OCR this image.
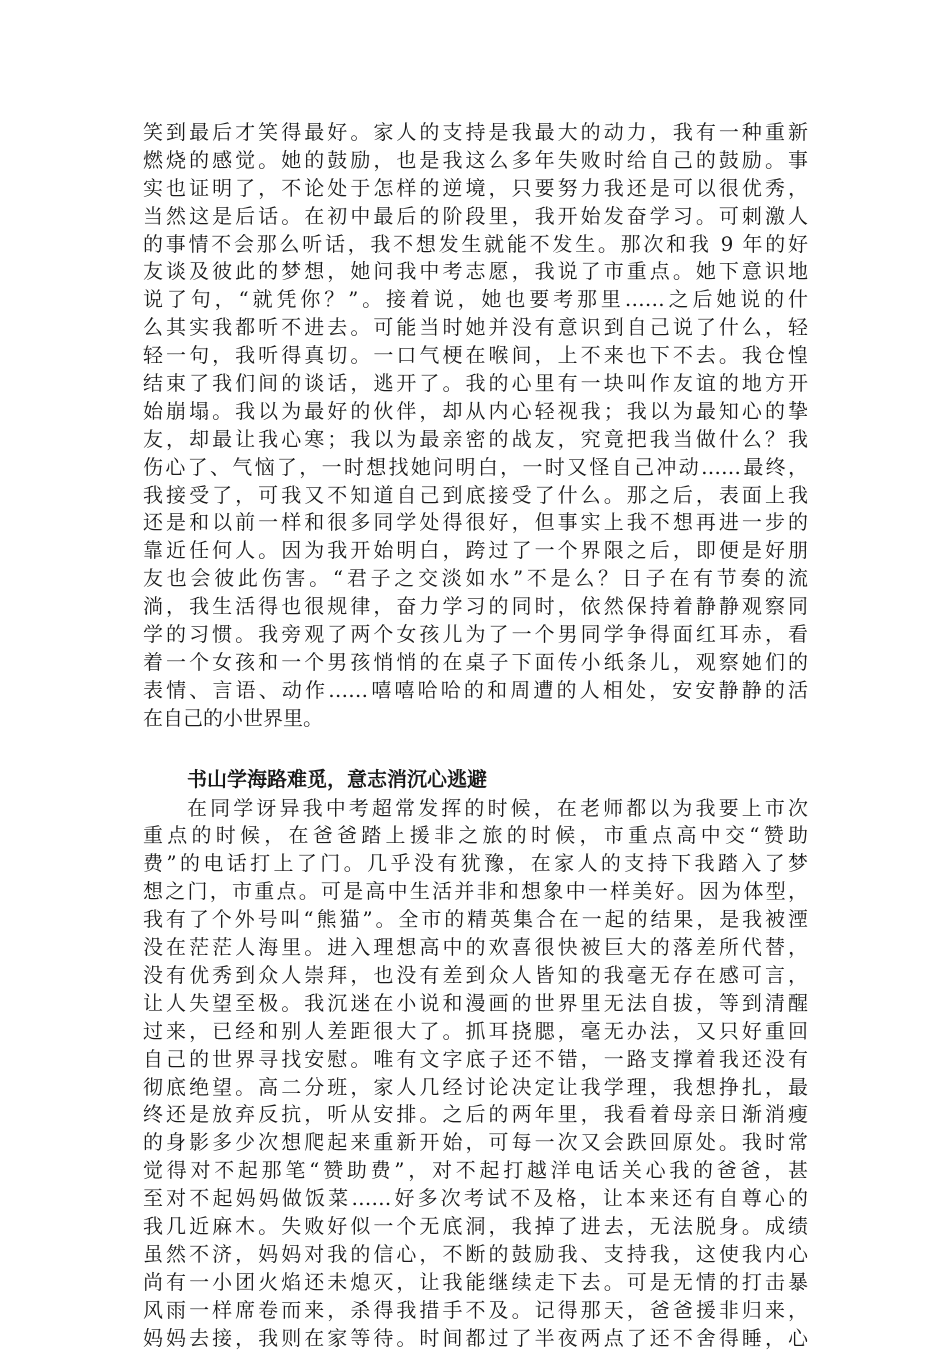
笑到最后才笑得最好。家人的支持是我最大的动力，我有一种重新
燃烧的感觉。她的鼓励，也是我这么多年失败时给自己的鼓励。事
实也证明了，不论处于怎样的逆境，只要努力我还是可以很优秀，
当然这是后话。在初中最后的阶段里，我开始发奋学习。可刺激人
的事情不会那么听话，我不想发生就能不发生。那次和我 9 年的好
友谈及彼此的梦想，她问我中考志愿，我说了市重点。她下意识地
说了句，“就凭你？”。接着说，她也要考那里……之后她说的什
么其实我都听不进去。可能当时她并没有意识到自己说了什么，轻
轻一句，我听得真切。一口气梗在喉间，上不来也下不去。我仓惶
结束了我们间的谈话，逃开了。我的心里有一块叫作友谊的地方开
始崩塌。我以为最好的伙伴，却从内心轻视我；我以为最知心的挚
友，却最让我心寒；我以为最亲密的战友，究竟把我当做什么？我
伤心了、气恼了，一时想找她问明白，一时又怪自己冲动……最终，
我接受了，可我又不知道自己到底接受了什么。那之后，表面上我
还是和以前一样和很多同学处得很好，但事实上我不想再进一步的
靠近任何人。因为我开始明白，跨过了一个界限之后，即便是好朋
友也会彼此伤害。“君子之交淡如水”不是么？日子在有节奏的流
淌，我生活得也很规律，奋力学习的同时，依然保持着静静观察同
学的习惯。我旁观了两个女孩儿为了一个男同学争得面红耳赤，看
着一个女孩和一个男孩悄悄的在桌子下面传小纸条儿，观察她们的
表情、言语、动作……嘻嘻哈哈的和周遭的人相处，安安静静的活
在自己的小世界里。
书山学海路难觅，意志消沉心逃避
在同学讶异我中考超常发挥的时候，在老师都以为我要上市次
重点的时候，在爸爸踏上援非之旅的时候，市重点高中交“赞助
费”的电话打上了门。几乎没有犹豫，在家人的支持下我踏入了梦
想之门，市重点。可是高中生活并非和想象中一样美好。因为体型，
我有了个外号叫“熊猫”。全市的精英集合在一起的结果，是我被湮
没在茫茫人海里。进入理想高中的欢喜很快被巨大的落差所代替，
没有优秀到众人崇拜，也没有差到众人皆知的我毫无存在感可言，
让人失望至极。我沉迷在小说和漫画的世界里无法自拔，等到清醒
过来，已经和别人差距很大了。抓耳挠腮，毫无办法，又只好重回
自己的世界寻找安慰。唯有文字底子还不错，一路支撑着我还没有
彻底绝望。高二分班，家人几经讨论决定让我学理，我想挣扎，最
终还是放弃反抗，听从安排。之后的两年里，我看着母亲日渐消瘦
的身影多少次想爬起来重新开始，可每一次又会跌回原处。我时常
觉得对不起那笔“赞助费”，对不起打越洋电话关心我的爸爸，甚
至对不起妈妈做饭菜……好多次考试不及格，让本来还有自尊心的
我几近麻木。失败好似一个无底洞，我掉了进去，无法脱身。成绩
虽然不济，妈妈对我的信心，不断的鼓励我、支持我，这使我内心
尚有一小团火焰还未熄灭，让我能继续走下去。可是无情的打击暴
风雨一样席卷而来，杀得我措手不及。记得那天，爸爸援非归来，
妈妈去接，我则在家等待。时间都过了半夜两点了还不舍得睡，心
